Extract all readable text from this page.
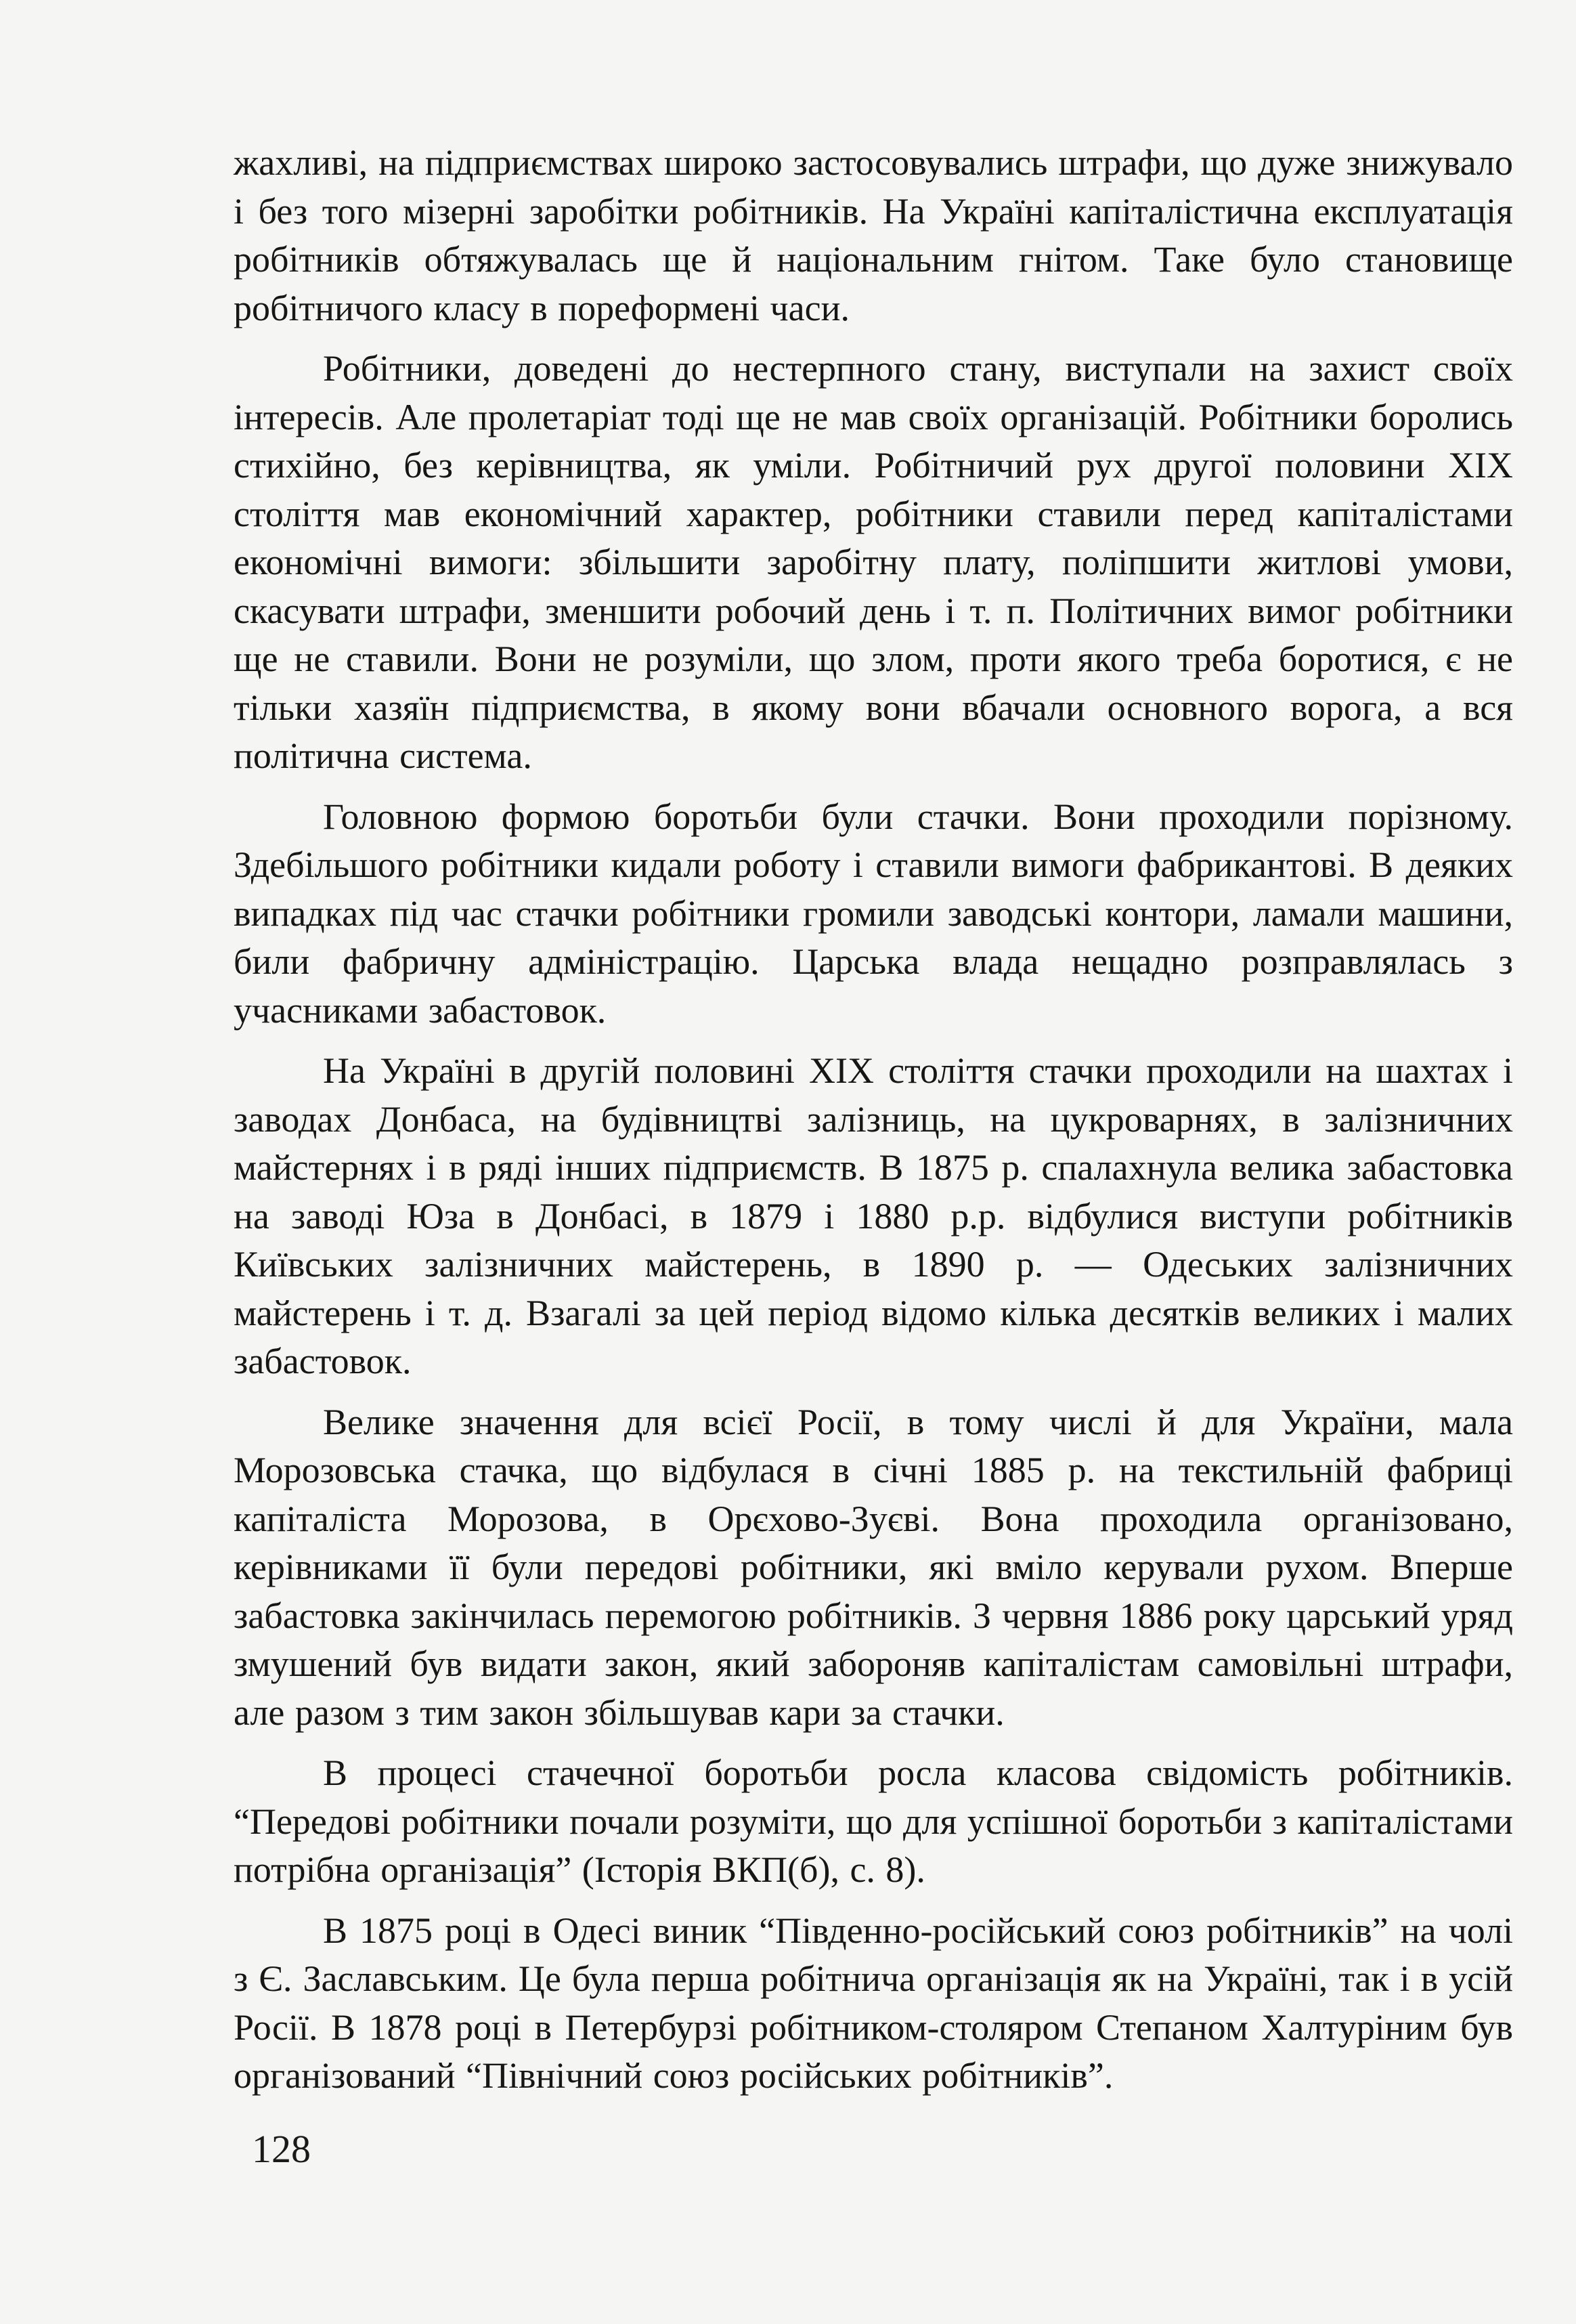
жахливі, на підприємствах широко застосовувались штрафи, що дуже знижувало і без того мізерні заробітки робітників. На Україні капіталістична експлуатація робітників обтяжувалась ще й національним гнітом. Таке було становище робітничого класу в пореформені часи.

Робітники, доведені до нестерпного стану, виступали на захист своїх інтересів. Але пролетаріат тоді ще не мав своїх організацій. Робітники боролись стихійно, без керівництва, як уміли. Робітничий рух другої половини XIX століття мав економічний характер, робітники ставили перед капіталістами економічні вимоги: збільшити заробітну плату, поліпшити житлові умови, скасувати штрафи, зменшити робочий день і т. п. Політичних вимог робітники ще не ставили. Вони не розуміли, що злом, проти якого треба боротися, є не тільки хазяїн підприємства, в якому вони вбачали основного ворога, а вся політична система.

Головною формою боротьби були стачки. Вони проходили порізному. Здебільшого робітники кидали роботу і ставили вимоги фабрикантові. В деяких випадках під час стачки робітники громили заводські контори, ламали машини, били фабричну адміністрацію. Царська влада нещадно розправлялась з учасниками забастовок.

На Україні в другій половині XIX століття стачки проходили на шахтах і заводах Донбаса, на будівництві залізниць, на цукроварнях, в залізничних майстернях і в ряді інших підприємств. В 1875 р. спалахнула велика забастовка на заводі Юза в Донбасі, в 1879 і 1880 р.р. відбулися виступи робітників Київських залізничних майстерень, в 1890 р. — Одеських залізничних майстерень і т. д. Взагалі за цей період відомо кілька десятків великих і малих забастовок.

Велике значення для всієї Росії, в тому числі й для України, мала Морозовська стачка, що відбулася в січні 1885 р. на текстильній фабриці капіталіста Морозова, в Орєхово-Зуєві. Вона проходила організовано, керівниками її були передові робітники, які вміло керували рухом. Вперше забастовка закінчилась перемогою робітників. З червня 1886 року царський уряд змушений був видати закон, який забороняв капіталістам самовільні штрафи, але разом з тим закон збільшував кари за стачки.

В процесі стачечної боротьби росла класова свідомість робітників. “Передові робітники почали розуміти, що для успішної боротьби з капіталістами потрібна організація” (Історія ВКП(б), с. 8).

В 1875 році в Одесі виник “Південно-російський союз робітників” на чолі з Є. Заславським. Це була перша робітнича організація як на Україні, так і в усій Росії. В 1878 році в Петербурзі робітником-столяром Степаном Халтуріним був організований “Північний союз російських робітників”.

128
